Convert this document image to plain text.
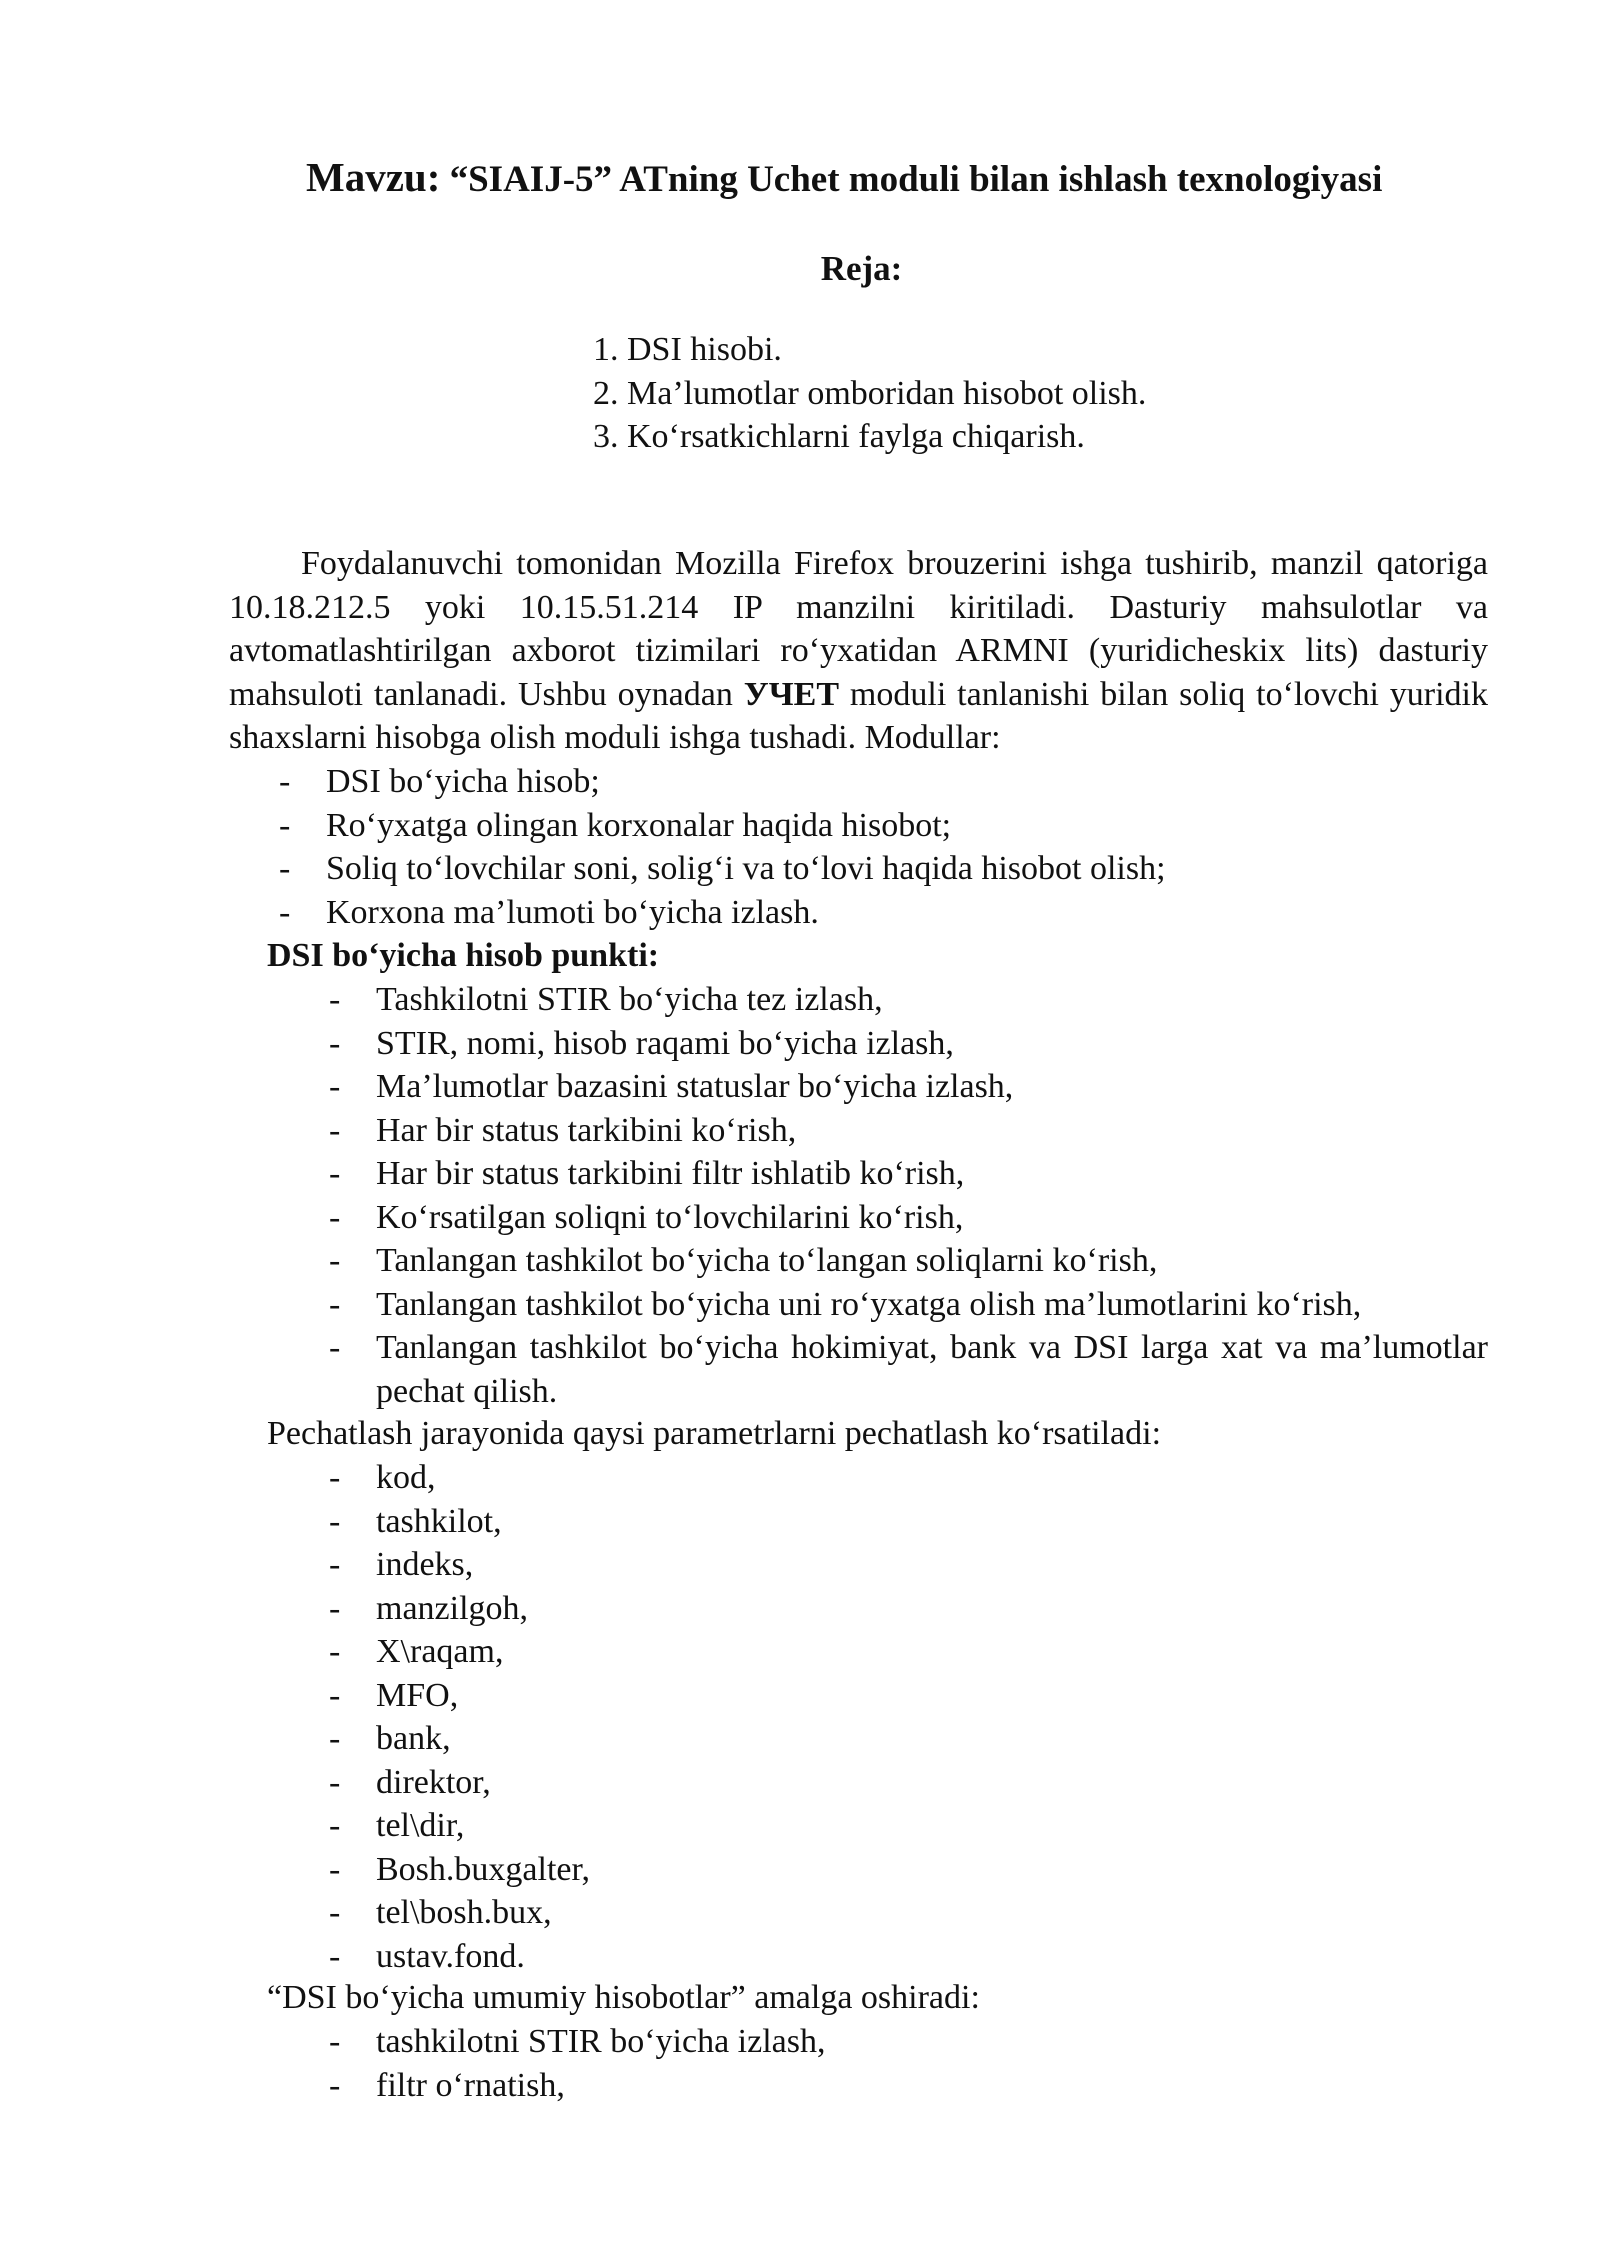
Mavzu: “SIAIJ-5” ATning Uchet moduli bilan ishlash texnologiyasi
Reja:
1. DSI hisobi.
2. Ma’lumotlar omboridan hisobot olish.
3. Ko‘rsatkichlarni faylga chiqarish.

Foydalanuvchi tomonidan Mozilla Firefox brouzerini ishga tushirib, manzil qatoriga 10.18.212.5 yoki 10.15.51.214 IP manzilni kiritiladi. Dasturiy mahsulotlar va avtomatlashtirilgan axborot tizimilari ro‘yxatidan ARMNI (yuridicheskix lits) dasturiy mahsuloti tanlanadi. Ushbu oynadan УЧЕТ moduli tanlanishi bilan soliq to‘lovchi yuridik shaxslarni hisobga olish moduli ishga tushadi. Modullar:

- DSI bo‘yicha hisob;
- Ro‘yxatga olingan korxonalar haqida hisobot;
- Soliq to‘lovchilar soni, solig‘i va to‘lovi haqida hisobot olish;
- Korxona ma’lumoti bo‘yicha izlash.

DSI bo‘yicha hisob punkti:

- Tashkilotni STIR bo‘yicha tez izlash,
- STIR, nomi, hisob raqami bo‘yicha izlash,
- Ma’lumotlar bazasini statuslar bo‘yicha izlash,
- Har bir status tarkibini ko‘rish,
- Har bir status tarkibini filtr ishlatib ko‘rish,
- Ko‘rsatilgan soliqni to‘lovchilarini ko‘rish,
- Tanlangan tashkilot bo‘yicha to‘langan soliqlarni ko‘rish,
- Tanlangan tashkilot bo‘yicha uni ro‘yxatga olish ma’lumotlarini ko‘rish,
- Tanlangan tashkilot bo‘yicha hokimiyat, bank va DSI larga xat va ma’lumotlar pechat qilish.

Pechatlash jarayonida qaysi parametrlarni pechatlash ko‘rsatiladi:

- kod,
- tashkilot,
- indeks,
- manzilgoh,
- X\raqam,
- MFO,
- bank,
- direktor,
- tel\dir,
- Bosh.buxgalter,
- tel\bosh.bux,
- ustav.fond.

“DSI bo‘yicha umumiy hisobotlar” amalga oshiradi:

- tashkilotni STIR bo‘yicha izlash,
- filtr o‘rnatish,
